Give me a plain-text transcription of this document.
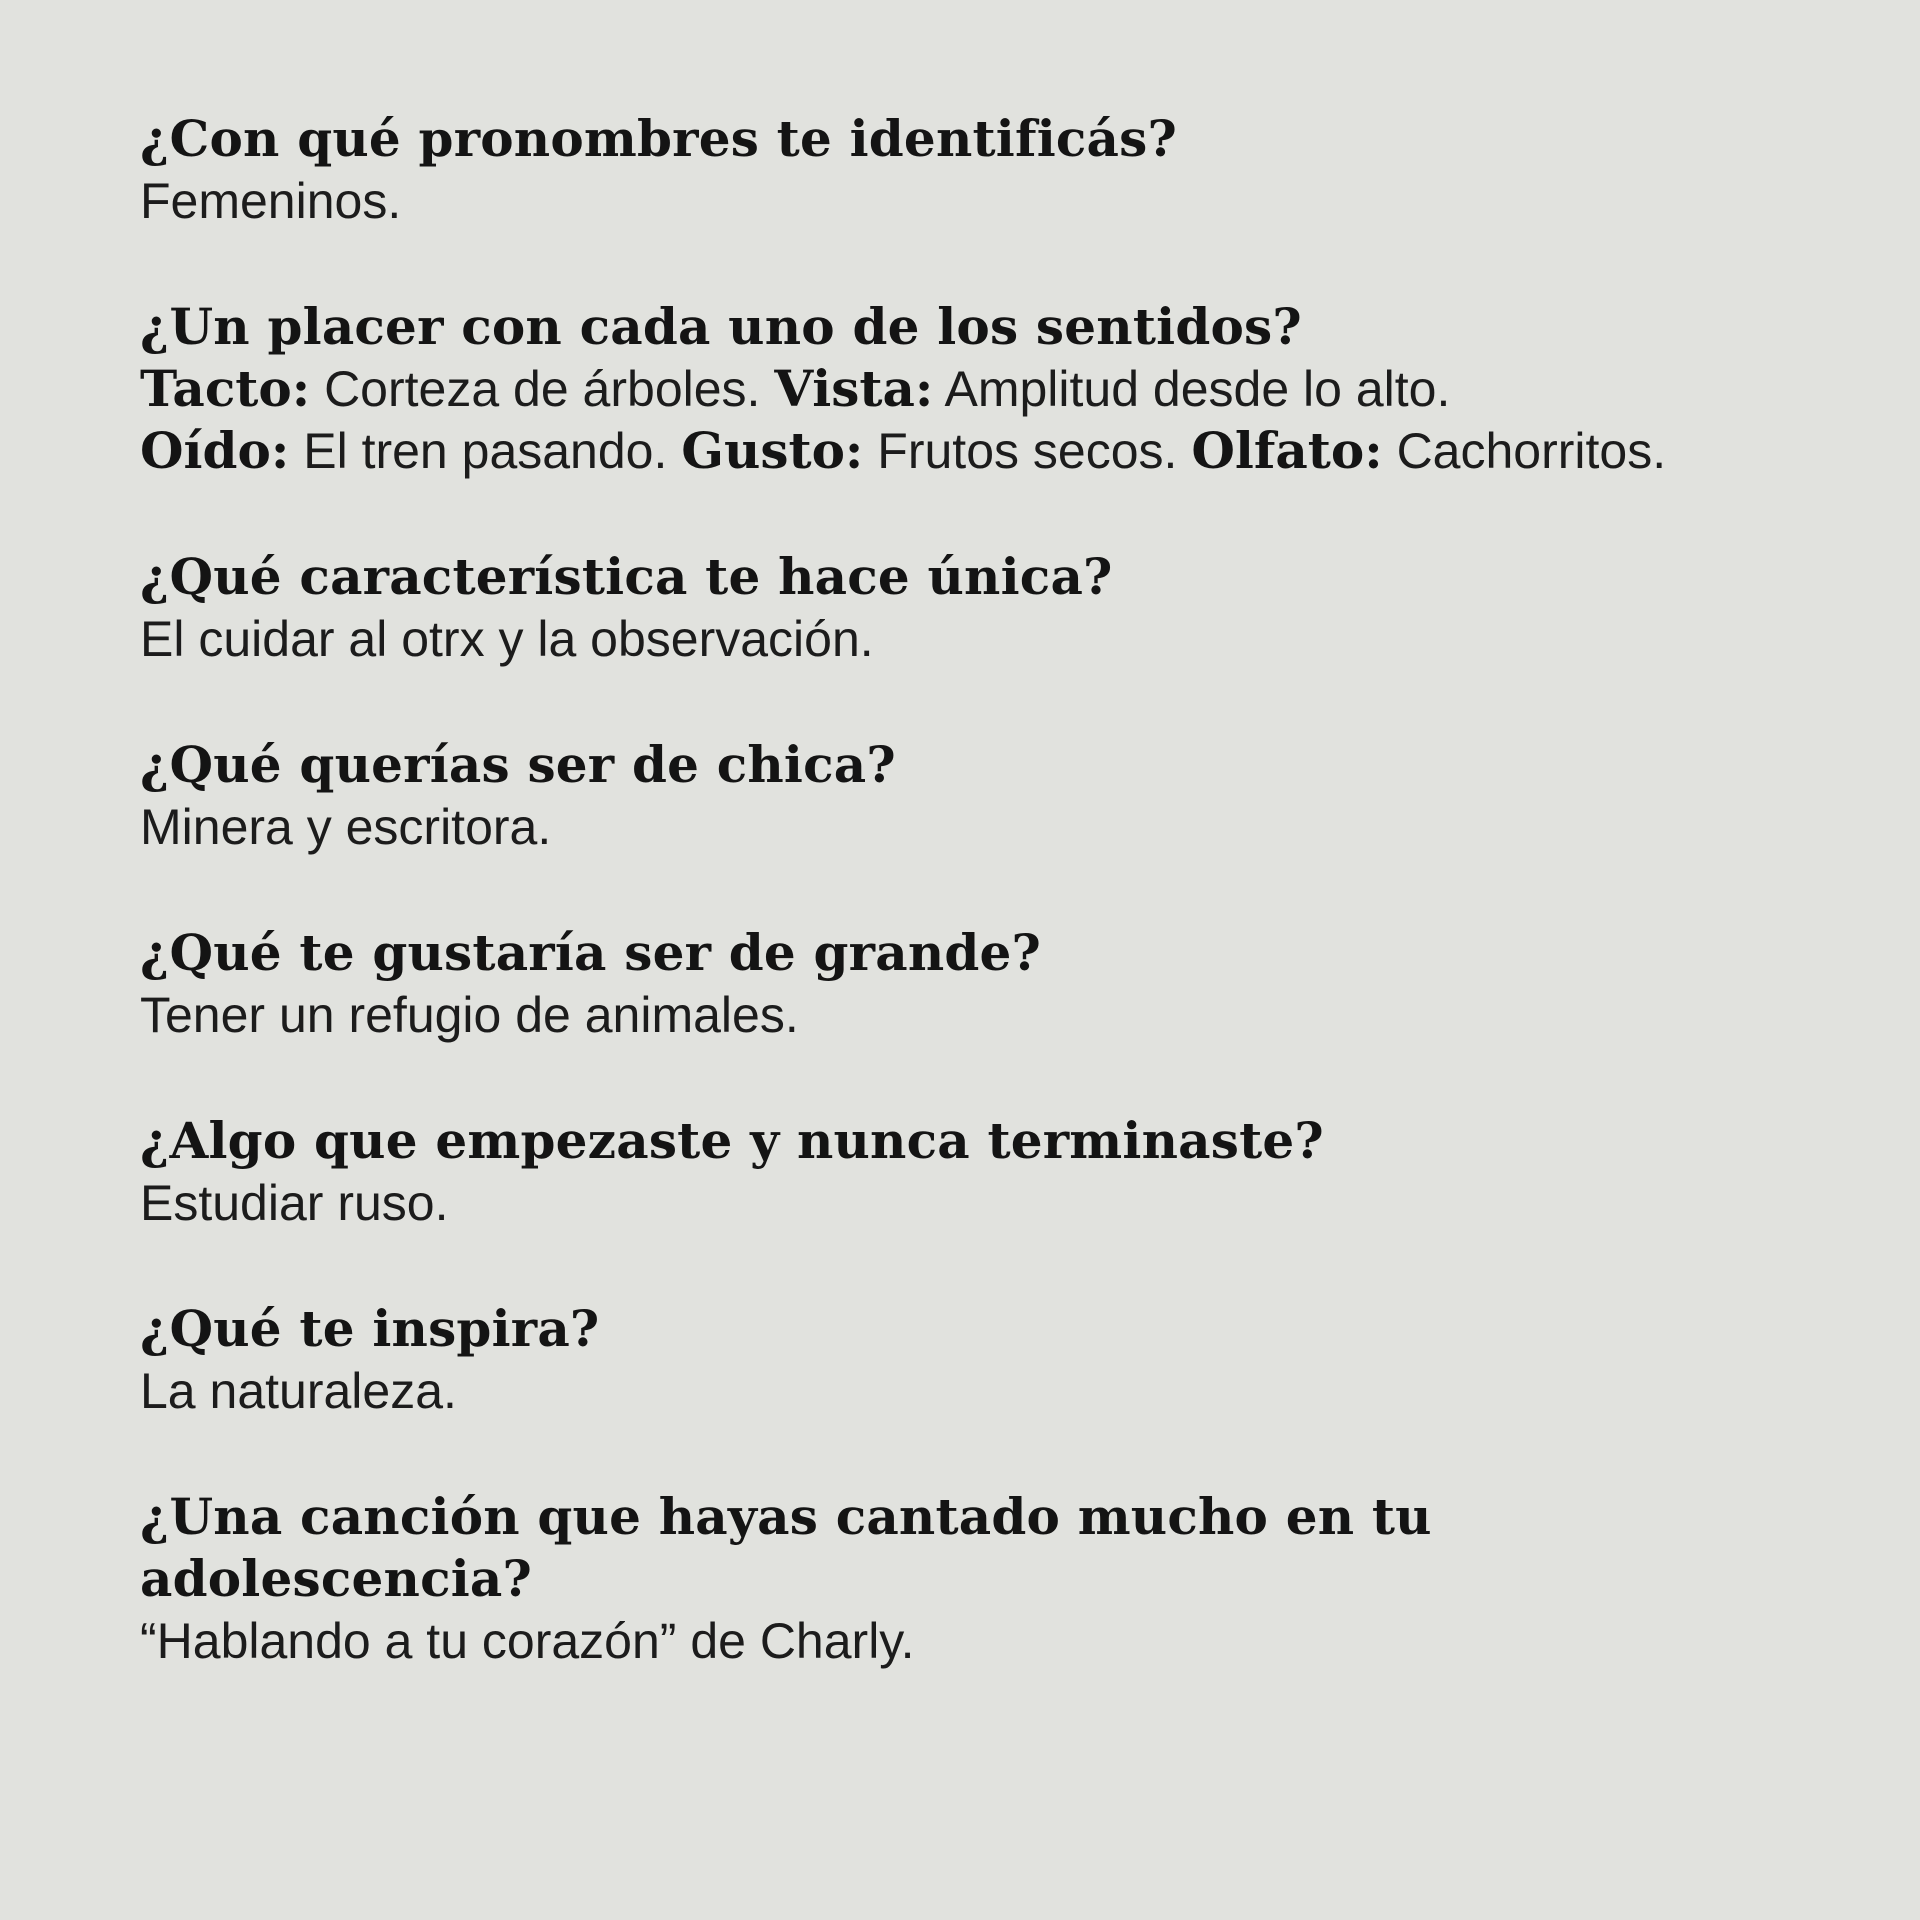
¿Con qué pronombres te identificás?

Femeninos.

¿Un placer con cada uno de los sentidos?

Tacto: Corteza de árboles. Vista: Amplitud desde lo alto.

Oído: El tren pasando. Gusto: Frutos secos. Olfato: Cachorritos.

¿Qué característica te hace única?

El cuidar al otrx y la observación.

¿Qué querías ser de chica?

Minera y escritora.

¿Qué te gustaría ser de grande?

Tener un refugio de animales.

¿Algo que empezaste y nunca terminaste?

Estudiar ruso.

¿Qué te inspira?

La naturaleza.

¿Una canción que hayas cantado mucho en tu adolescencia?

“Hablando a tu corazón” de Charly.
